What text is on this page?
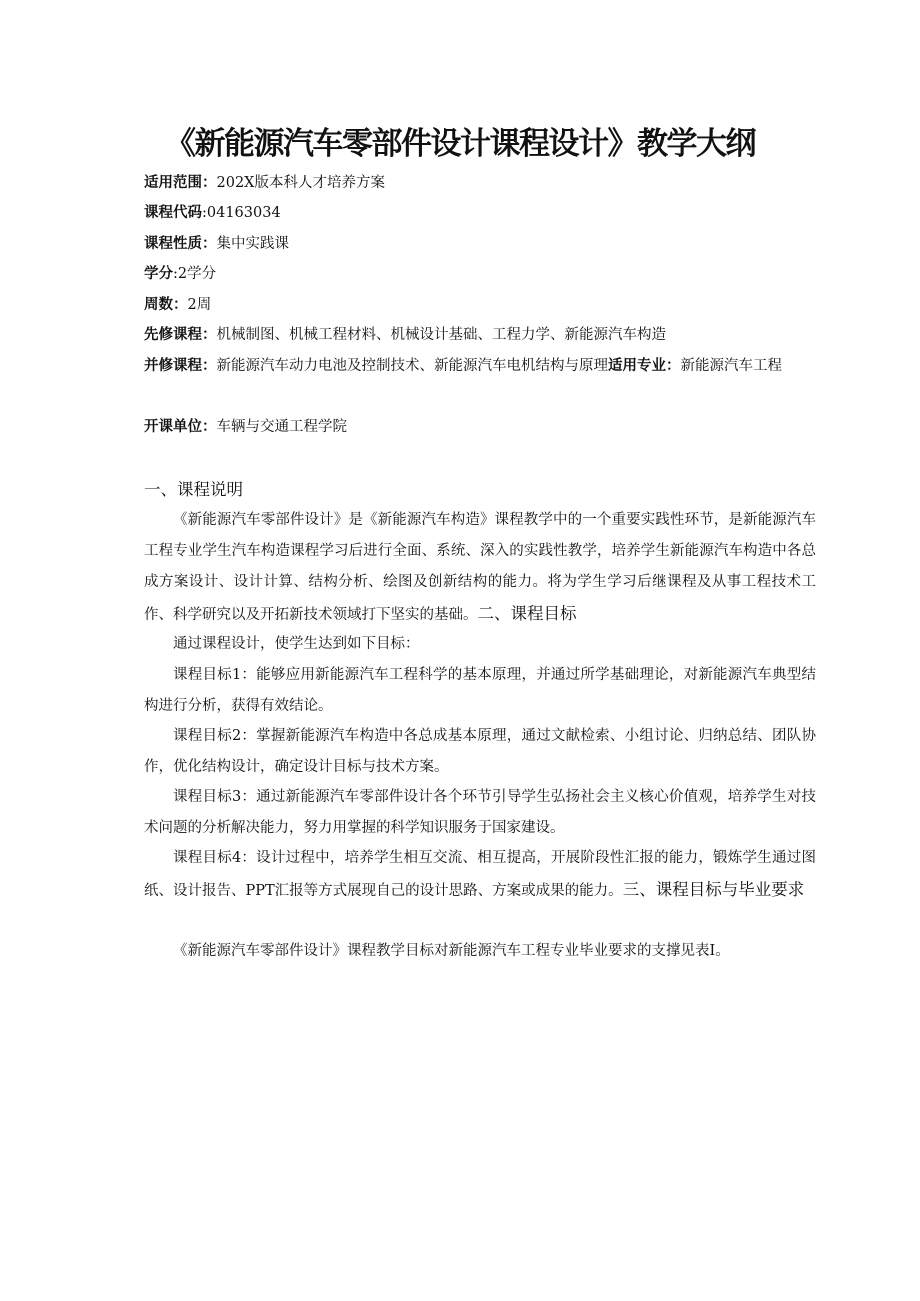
《新能源汽车零部件设计课程设计》教学大纲
适用范围：202X版本科人才培养方案
课程代码:04163034
课程性质：集中实践课
学分:2学分
周数：2周
先修课程：机械制图、机械工程材料、机械设计基础、工程力学、新能源汽车构造
并修课程：新能源汽车动力电池及控制技术、新能源汽车电机结构与原理适用专业：新能源汽车工程
开课单位：车辆与交通工程学院
一、课程说明
《新能源汽车零部件设计》是《新能源汽车构造》课程教学中的一个重要实践性环节，是新能源汽车工程专业学生汽车构造课程学习后进行全面、系统、深入的实践性教学，培养学生新能源汽车构造中各总成方案设计、设计计算、结构分析、绘图及创新结构的能力。将为学生学习后继课程及从事工程技术工作、科学研究以及开拓新技术领域打下坚实的基础。二、课程目标
通过课程设计，使学生达到如下目标：
课程目标1：能够应用新能源汽车工程科学的基本原理，并通过所学基础理论，对新能源汽车典型结构进行分析，获得有效结论。
课程目标2：掌握新能源汽车构造中各总成基本原理，通过文献检索、小组讨论、归纳总结、团队协作，优化结构设计，确定设计目标与技术方案。
课程目标3：通过新能源汽车零部件设计各个环节引导学生弘扬社会主义核心价值观，培养学生对技术问题的分析解决能力，努力用掌握的科学知识服务于国家建设。
课程目标4：设计过程中，培养学生相互交流、相互提高，开展阶段性汇报的能力，锻炼学生通过图纸、设计报告、PPT汇报等方式展现自己的设计思路、方案或成果的能力。三、课程目标与毕业要求
《新能源汽车零部件设计》课程教学目标对新能源汽车工程专业毕业要求的支撑见表I。
